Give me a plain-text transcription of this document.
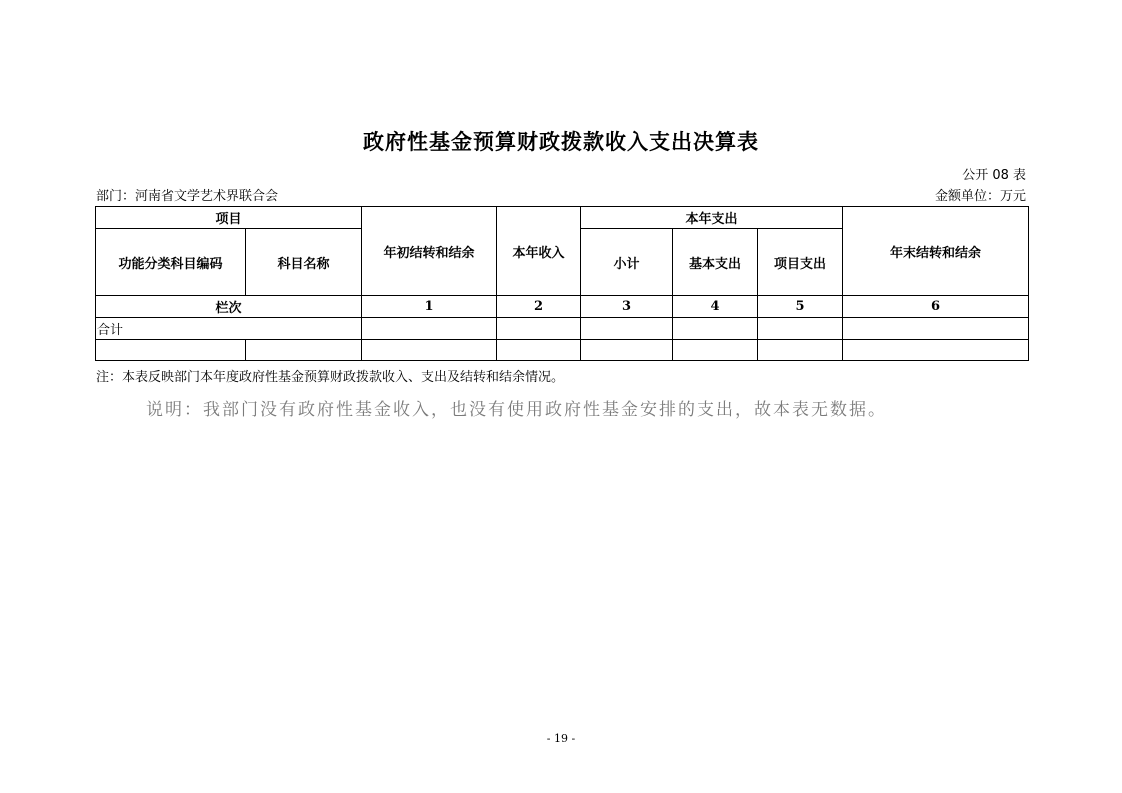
政府性基金预算财政拨款收入支出决算表
公开 08 表
部门：河南省文学艺术界联合会	金额单位：万元
项目		年初结转和结余	本年收入	本年支出			年末结转和结余
功能分类科目编码	科目名称			小计	基本支出	项目支出	
栏次		1	2	3	4	5	6
合计							

注：本表反映部门本年度政府性基金预算财政拨款收入、支出及结转和结余情况。
说明：我部门没有政府性基金收入，也没有使用政府性基金安排的支出，故本表无数据。
- 19 -
